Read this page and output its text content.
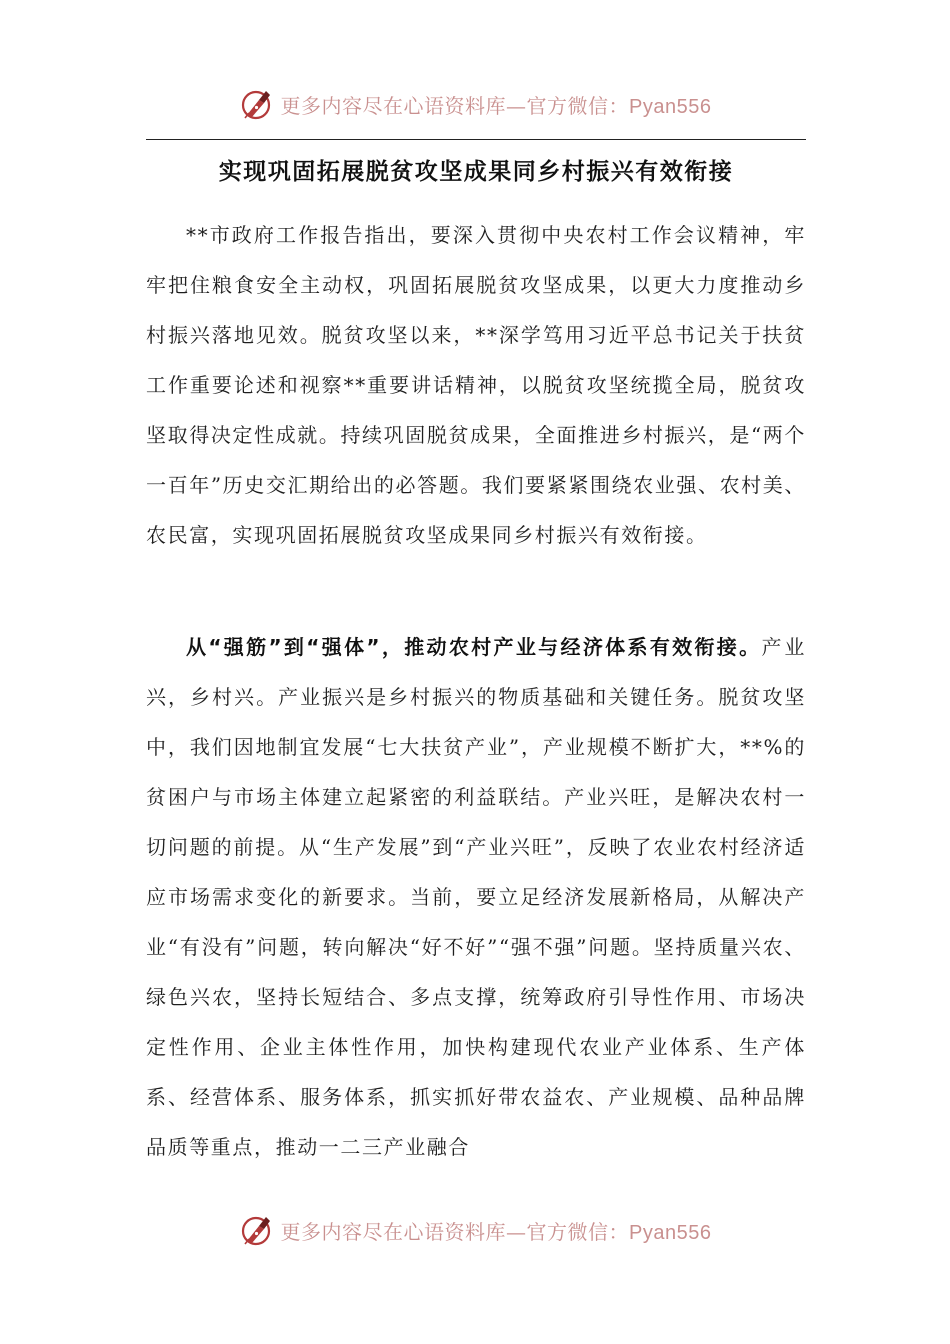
更多内容尽在心语资料库—官方微信：Pyan556
实现巩固拓展脱贫攻坚成果同乡村振兴有效衔接

**市政府工作报告指出，要深入贯彻中央农村工作会议精神，牢牢把住粮食安全主动权，巩固拓展脱贫攻坚成果，以更大力度推动乡村振兴落地见效。脱贫攻坚以来，**深学笃用习近平总书记关于扶贫工作重要论述和视察**重要讲话精神，以脱贫攻坚统揽全局，脱贫攻坚取得决定性成就。持续巩固脱贫成果，全面推进乡村振兴，是“两个一百年”历史交汇期给出的必答题。我们要紧紧围绕农业强、农村美、农民富，实现巩固拓展脱贫攻坚成果同乡村振兴有效衔接。

从“强筋”到“强体”，推动农村产业与经济体系有效衔接。产业兴，乡村兴。产业振兴是乡村振兴的物质基础和关键任务。脱贫攻坚中，我们因地制宜发展“七大扶贫产业”，产业规模不断扩大，**%的贫困户与市场主体建立起紧密的利益联结。产业兴旺，是解决农村一切问题的前提。从“生产发展”到“产业兴旺”，反映了农业农村经济适应市场需求变化的新要求。当前，要立足经济发展新格局，从解决产业“有没有”问题，转向解决“好不好”“强不强”问题。坚持质量兴农、绿色兴农，坚持长短结合、多点支撑，统筹政府引导性作用、市场决定性作用、企业主体性作用，加快构建现代农业产业体系、生产体系、经营体系、服务体系，抓实抓好带农益农、产业规模、品种品牌品质等重点，推动一二三产业融合

更多内容尽在心语资料库—官方微信：Pyan556
